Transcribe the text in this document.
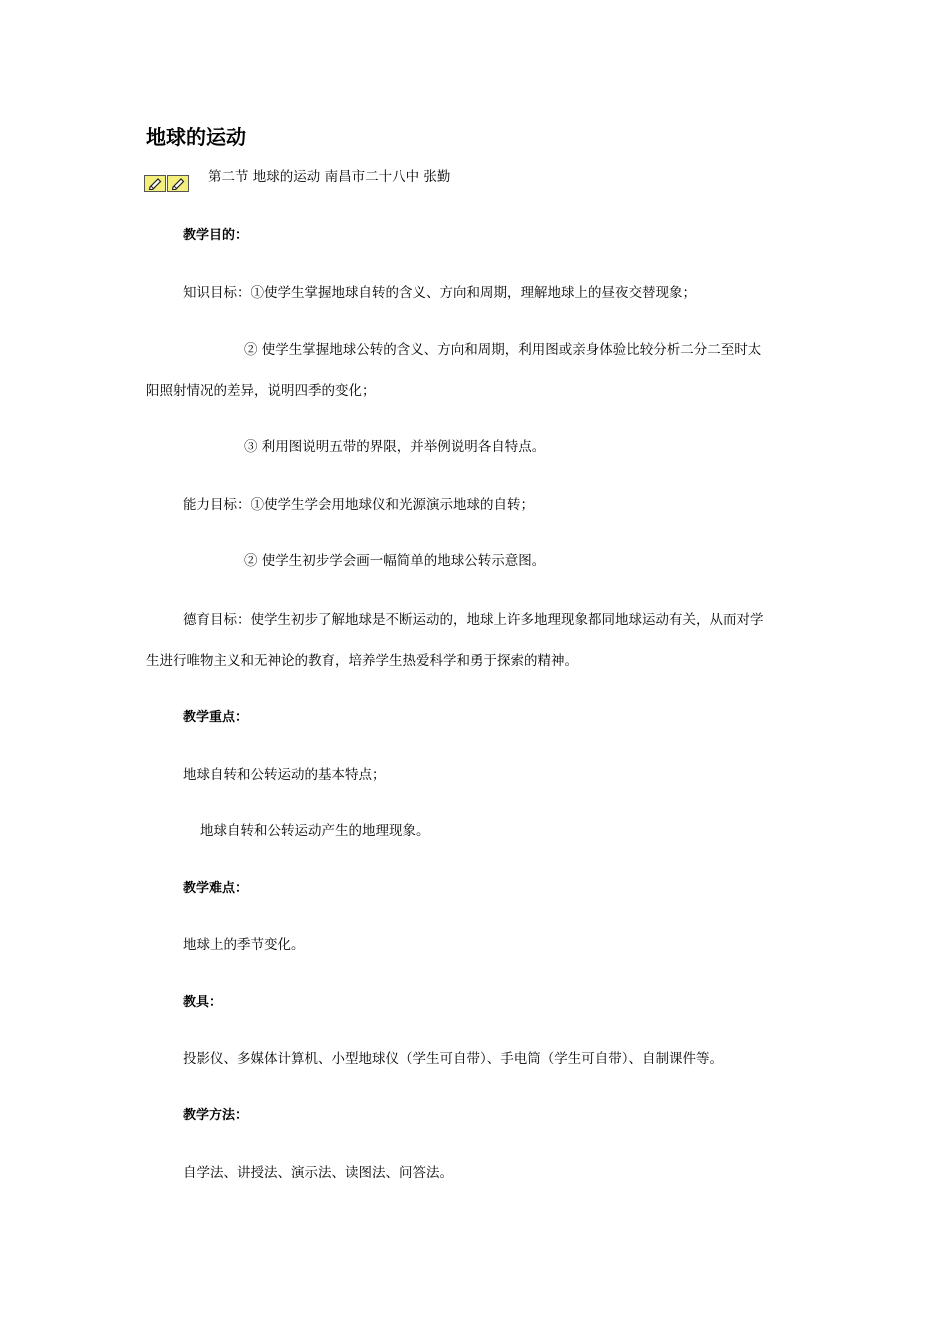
地球的运动
第二节 地球的运动 南昌市二十八中 张勤
教学目的：
知识目标：①使学生掌握地球自转的含义、方向和周期，理解地球上的昼夜交替现象；
② 使学生掌握地球公转的含义、方向和周期，利用图或亲身体验比较分析二分二至时太
阳照射情况的差异，说明四季的变化；
③ 利用图说明五带的界限，并举例说明各自特点。
能力目标：①使学生学会用地球仪和光源演示地球的自转；
② 使学生初步学会画一幅简单的地球公转示意图。
德育目标：使学生初步了解地球是不断运动的，地球上许多地理现象都同地球运动有关，从而对学
生进行唯物主义和无神论的教育，培养学生热爱科学和勇于探索的精神。
教学重点：
地球自转和公转运动的基本特点；
地球自转和公转运动产生的地理现象。
教学难点：
地球上的季节变化。
教具：
投影仪、多媒体计算机、小型地球仪（学生可自带）、手电筒（学生可自带）、自制课件等。
教学方法：
自学法、讲授法、演示法、读图法、问答法。
